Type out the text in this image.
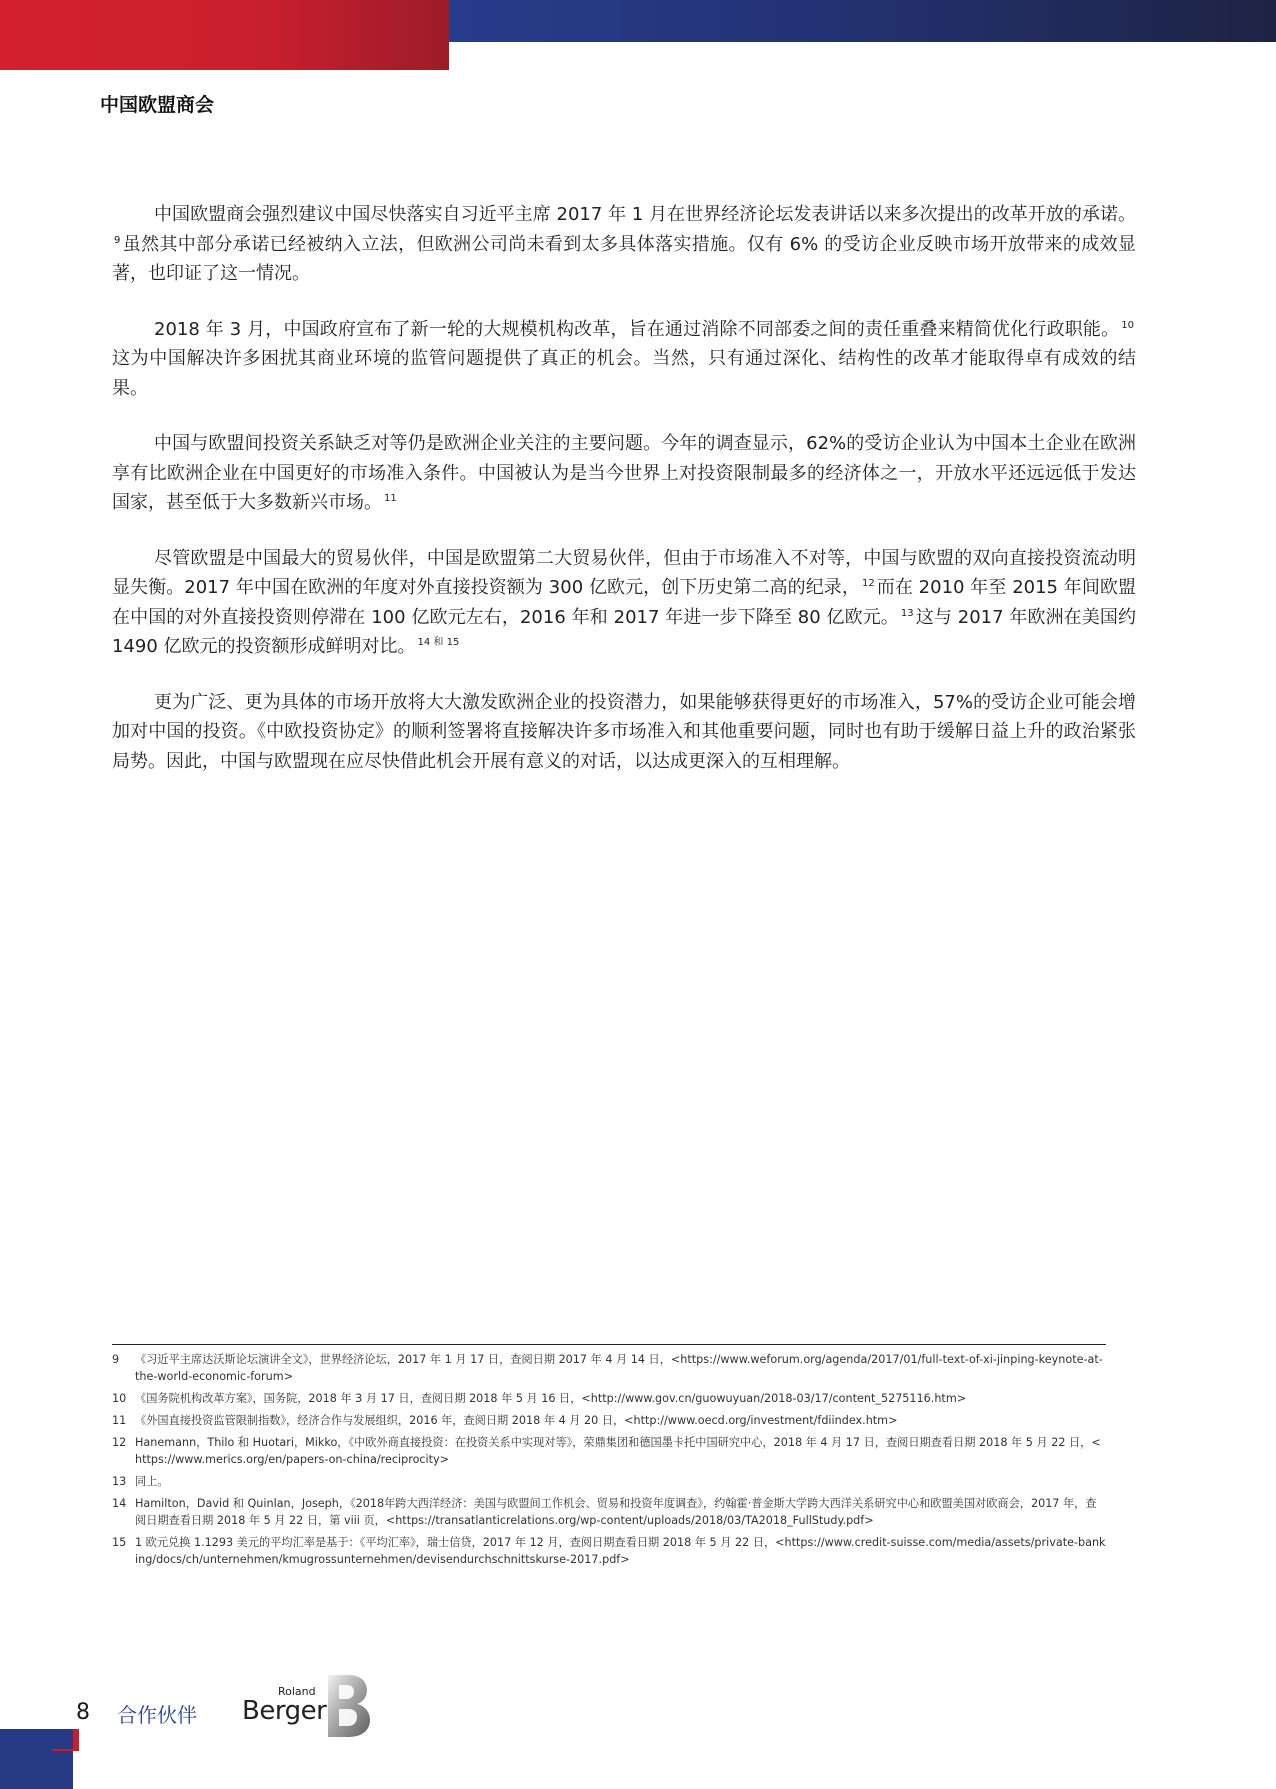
中国欧盟商会

中国欧盟商会强烈建议中国尽快落实自习近平主席 2017 年 1 月在世界经济论坛发表讲话以来多次提出的改革开放的承诺。$^9$ 虽然其中部分承诺已经被纳入立法，但欧洲公司尚未看到太多具体落实措施。仅有 6% 的受访企业反映市场开放带来的成效显著，也印证了这一情况。

2018 年 3 月，中国政府宣布了新一轮的大规模机构改革，旨在通过消除不同部委之间的责任重叠来精简优化行政职能。 $^{10}$这为中国解决许多困扰其商业环境的监管问题提供了真正的机会。当然，只有通过深化、结构性的改革才能取得卓有成效的结果。

中国与欧盟间投资关系缺乏对等仍是欧洲企业关注的主要问题。今年的调查显示，62%的受访企业认为中国本土企业在欧洲享有比欧洲企业在中国更好的市场准入条件。中国被认为是当今世界上对投资限制最多的经济体之一，开放水平还远远低于发达国家，甚至低于大多数新兴市场。 $^{11}$

尽管欧盟是中国最大的贸易伙伴，中国是欧盟第二大贸易伙伴，但由于市场准入不对等，中国与欧盟的双向直接投资流动明显失衡。2017 年中国在欧洲的年度对外直接投资额为 300 亿欧元，创下历史第二高的纪录， $^{12}$ 而在 2010 年至 2015 年间欧盟在中国的对外直接投资则停滞在 100 亿欧元左右，2016 年和 2017 年进一步下降至 80 亿欧元。 $^{13}$ 这与 2017 年欧洲在美国约 1490 亿欧元的投资额形成鲜明对比。 $^{14 和 15}$

更为广泛、更为具体的市场开放将大大激发欧洲企业的投资潜力，如果能够获得更好的市场准入，57%的受访企业可能会增加对中国的投资。《中欧投资协定》的顺利签署将直接解决许多市场准入和其他重要问题，同时也有助于缓解日益上升的政治紧张局势。因此，中国与欧盟现在应尽快借此机会开展有意义的对话，以达成更深入的互相理解。

9	《习近平主席达沃斯论坛演讲全文》，世界经济论坛，2017 年 1 月 17 日，查阅日期 2017 年 4 月 14 日，<https://www.weforum.org/agenda/2017/01/full-text-of-xi-jinping-keynote-at-the-world-economic-forum>
10 《国务院机构改革方案》，国务院，2018 年 3 月 17 日，查阅日期 2018 年 5 月 16 日，<http://www.gov.cn/guowuyuan/2018-03/17/content_5275116.htm>
11 《外国直接投资监管限制指数》，经济合作与发展组织，2016 年，查阅日期 2018 年 4 月 20 日，<http://www.oecd.org/investment/fdiindex.htm>
12 Hanemann，Thilo 和 Huotari，Mikko，《中欧外商直接投资：在投资关系中实现对等》，荣鼎集团和德国墨卡托中国研究中心，2018 年 4 月 17 日，查阅日期查看日期 2018 年 5 月 22 日，<https://www.merics.org/en/papers-on-china/reciprocity>
13 同上。
14 Hamilton，David 和 Quinlan，Joseph，《2018年跨大西洋经济：美国与欧盟间工作机会、贸易和投资年度调查》，约翰霍·普金斯大学跨大西洋关系研究中心和欧盟美国对欧商会，2017 年，查阅日期查看日期 2018 年 5 月 22 日，第 viii 页，<https://transatlanticrelations.org/wp-content/uploads/2018/03/TA2018_FullStudy.pdf>
15 1 欧元兑换 1.1293 美元的平均汇率是基于：《平均汇率》，瑞士信贷，2017 年 12 月，查阅日期查看日期 2018 年 5 月 22 日，<https://www.credit-suisse.com/media/assets/private-banking/docs/ch/unternehmen/kmugrossunternehmen/devisendurchschnittskurse-2017.pdf>
8 合作伙伴
Roland
Berger
